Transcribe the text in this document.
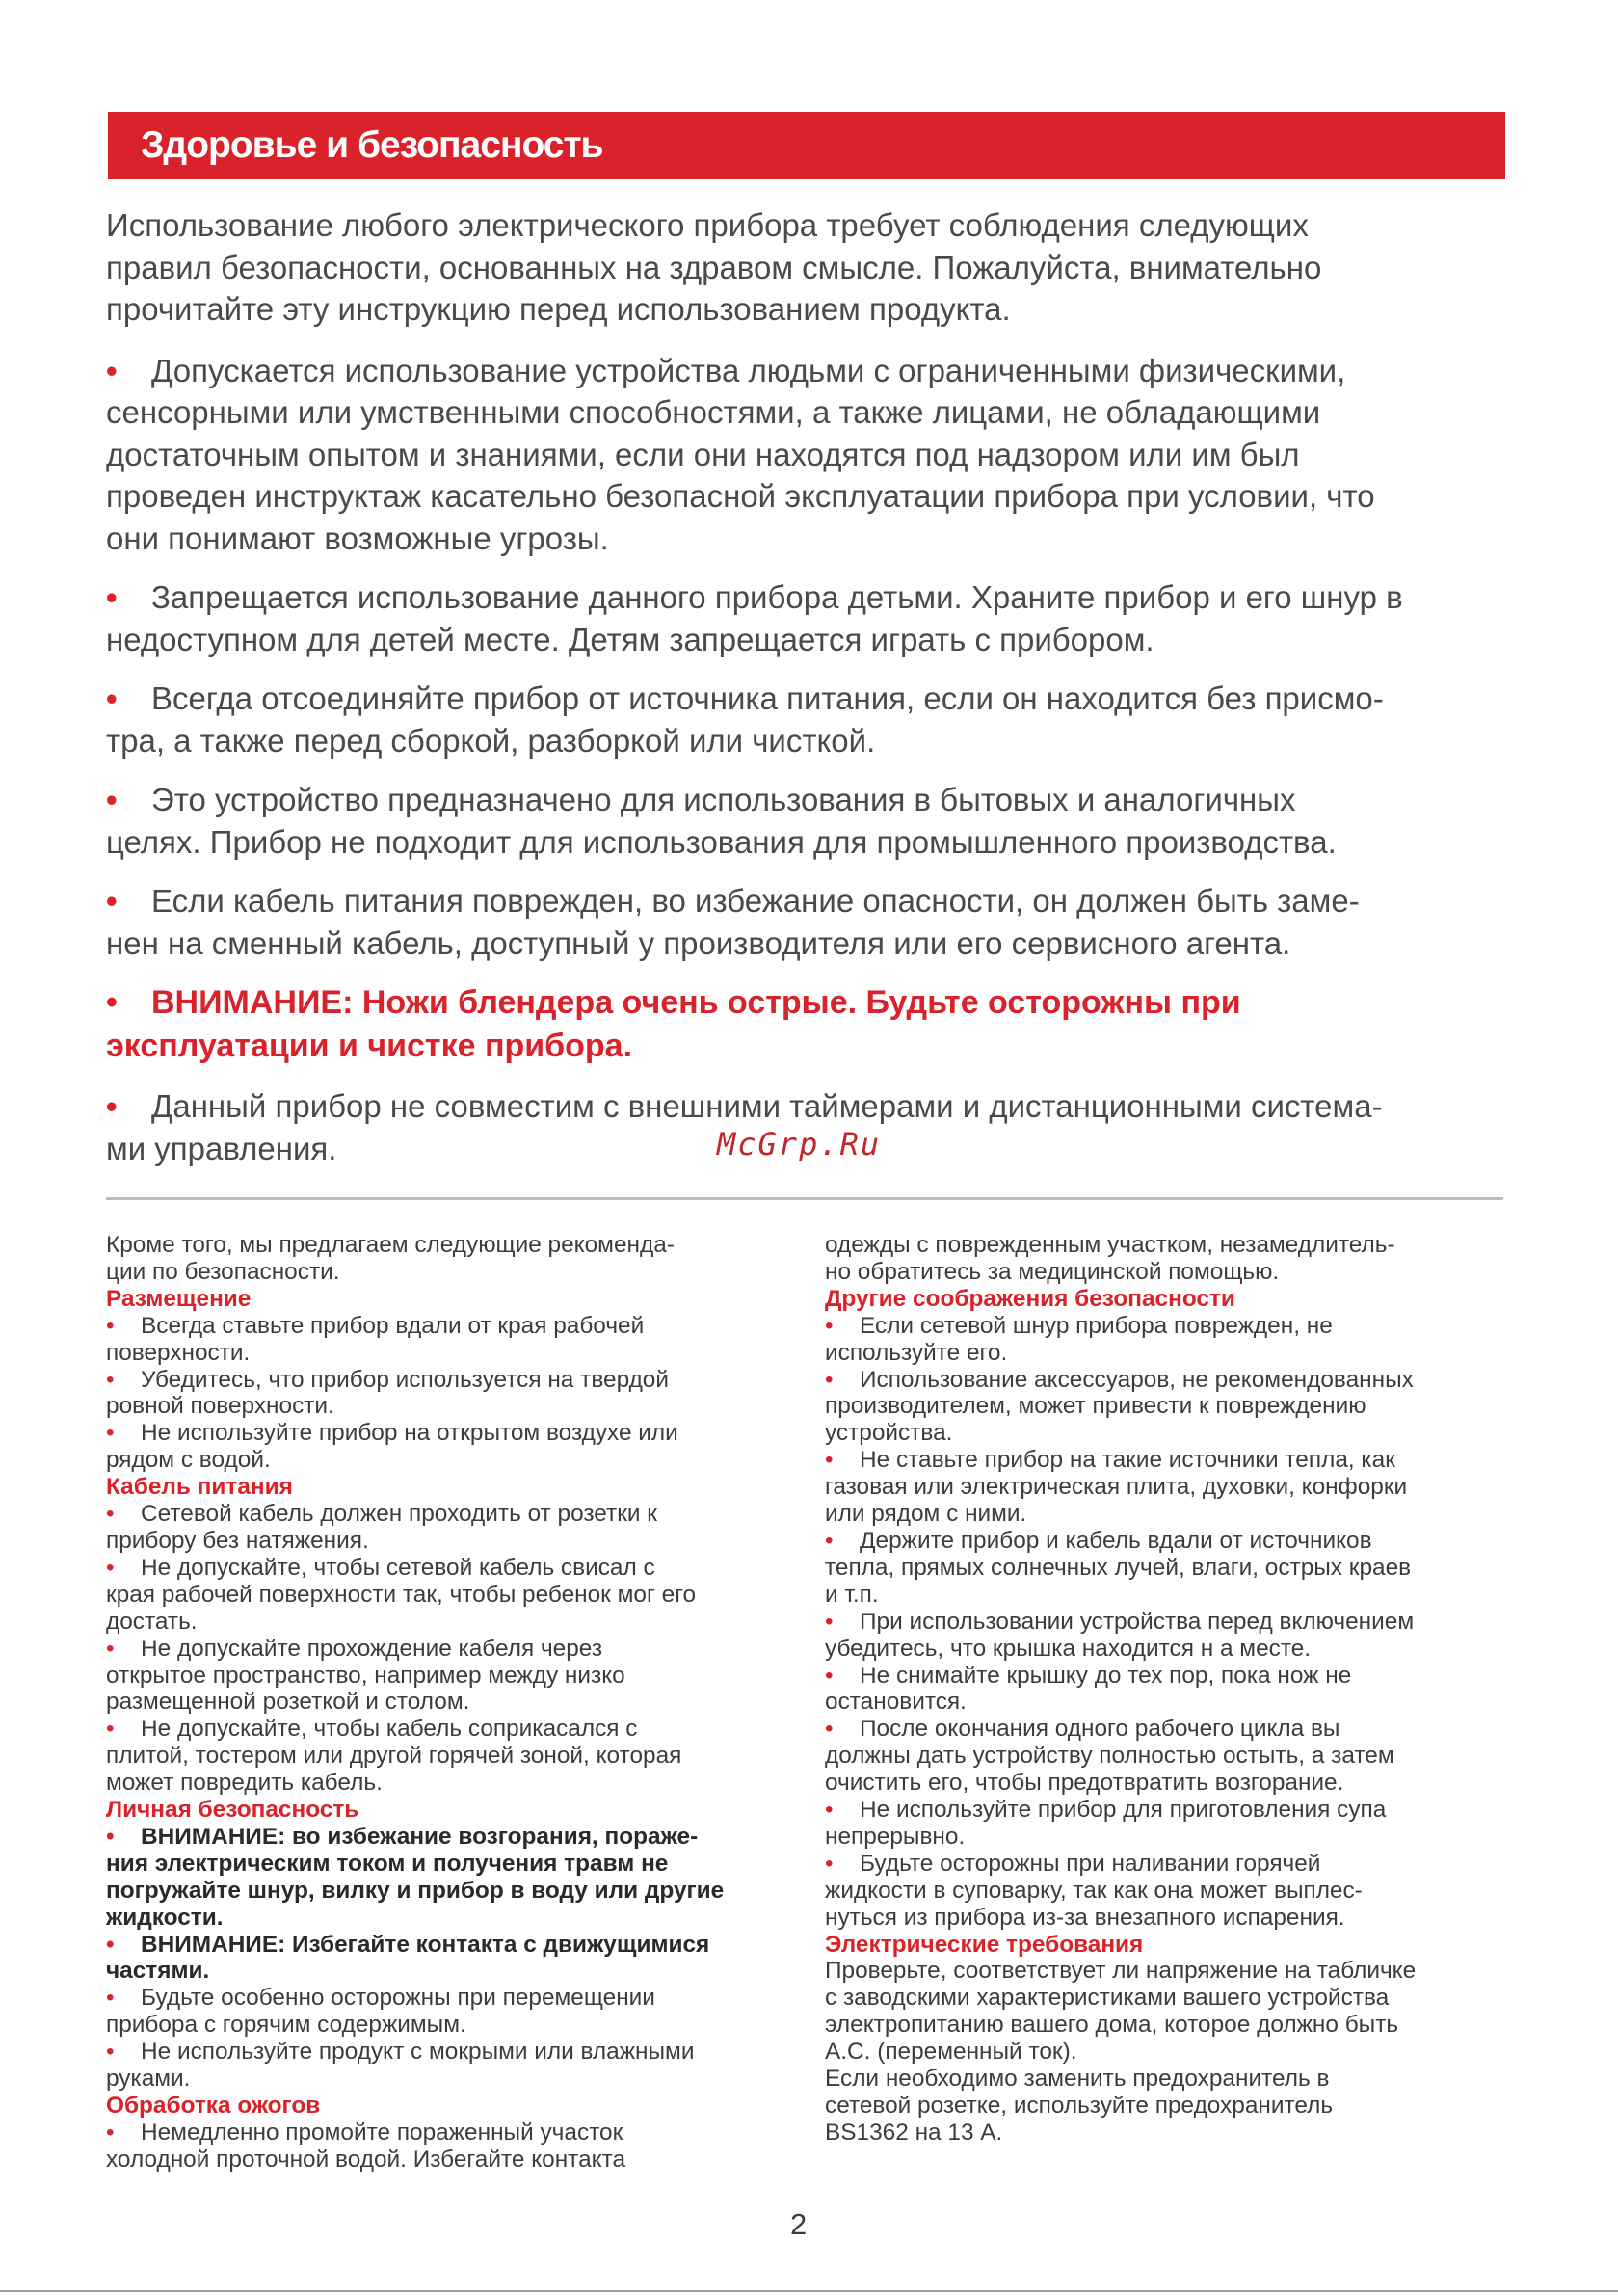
Здоровье и безопасность

Использование любого электрического прибора требует соблюдения следующих
правил безопасности, основанных на здравом смысле. Пожалуйста, внимательно
прочитайте эту инструкцию перед использованием продукта.

• Допускается использование устройства людьми с ограниченными физическими,
сенсорными или умственными способностями, а также лицами, не обладающими
достаточным опытом и знаниями, если они находятся под надзором или им был
проведен инструктаж касательно безопасной эксплуатации прибора при условии, что
они понимают возможные угрозы.

• Запрещается использование данного прибора детьми. Храните прибор и его шнур в
недоступном для детей месте. Детям запрещается играть с прибором.

• Всегда отсоединяйте прибор от источника питания, если он находится без присмо-
тра, а также перед сборкой, разборкой или чисткой.

• Это устройство предназначено для использования в бытовых и аналогичных
целях. Прибор не подходит для использования для промышленного производства.

• Если кабель питания поврежден, во избежание опасности, он должен быть заме-
нен на сменный кабель, доступный у производителя или его сервисного агента.

• ВНИМАНИЕ: Ножи блендера очень острые. Будьте осторожны при
эксплуатации и чистке прибора.

• Данный прибор не совместим с внешними таймерами и дистанционными система-
ми управления.	McGrp.Ru
Кроме того, мы предлагаем следующие рекоменда-
ции по безопасности.
Размещение
• Всегда ставьте прибор вдали от края рабочей
поверхности.
• Убедитесь, что прибор используется на твердой
ровной поверхности.
• Не используйте прибор на открытом воздухе или
рядом с водой.
Кабель питания
• Сетевой кабель должен проходить от розетки к
прибору без натяжения.
• Не допускайте, чтобы сетевой кабель свисал с
края рабочей поверхности так, чтобы ребенок мог его
достать.
• Не допускайте прохождение кабеля через
открытое пространство, например между низко
размещенной розеткой и столом.
• Не допускайте, чтобы кабель соприкасался с
плитой, тостером или другой горячей зоной, которая
может повредить кабель.
Личная безопасность
• ВНИМАНИЕ: во избежание возгорания, пораже-
ния электрическим током и получения травм не
погружайте шнур, вилку и прибор в воду или другие
жидкости.
• ВНИМАНИЕ: Избегайте контакта с движущимися
частями.
• Будьте особенно осторожны при перемещении
прибора с горячим содержимым.
• Не используйте продукт с мокрыми или влажными
руками.
Обработка ожогов
• Немедленно промойте пораженный участок
холодной проточной водой. Избегайте контакта
одежды с поврежденным участком, незамедлитель-
но обратитесь за медицинской помощью.
Другие соображения безопасности
• Если сетевой шнур прибора поврежден, не
используйте его.
• Использование аксессуаров, не рекомендованных
производителем, может привести к повреждению
устройства.
• Не ставьте прибор на такие источники тепла, как
газовая или электрическая плита, духовки, конфорки
или рядом с ними.
• Держите прибор и кабель вдали от источников
тепла, прямых солнечных лучей, влаги, острых краев
и т.п.
• При использовании устройства перед включением
убедитесь, что крышка находится н а месте.
• Не снимайте крышку до тех пор, пока нож не
остановится.
• После окончания одного рабочего цикла вы
должны дать устройству полностью остыть, а затем
очистить его, чтобы предотвратить возгорание.
• Не используйте прибор для приготовления супа
непрерывно.
• Будьте осторожны при наливании горячей
жидкости в суповарку, так как она может выплес-
нуться из прибора из-за внезапного испарения.
Электрические требования
Проверьте, соответствует ли напряжение на табличке
с заводскими характеристиками вашего устройства
электропитанию вашего дома, которое должно быть
A.C. (переменный ток).
Если необходимо заменить предохранитель в
сетевой розетке, используйте предохранитель
BS1362 на 13 А.
2
